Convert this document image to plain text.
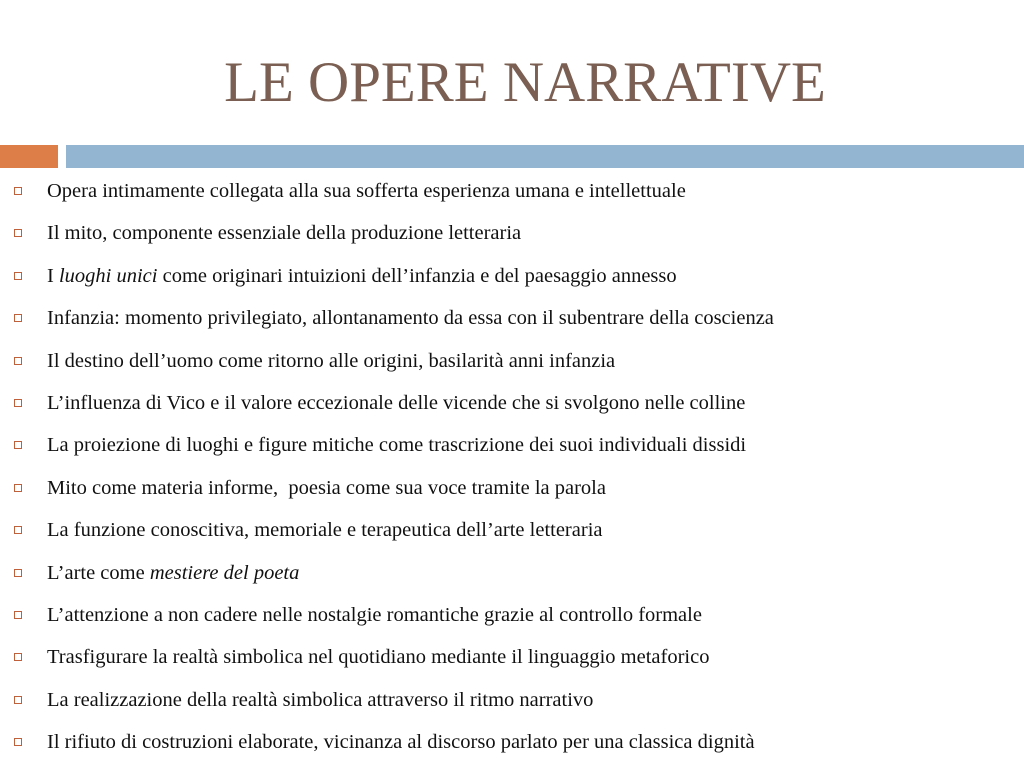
LE OPERE NARRATIVE
Opera intimamente collegata alla sua sofferta esperienza umana e intellettuale
Il mito, componente essenziale della produzione letteraria
I luoghi unici come originari intuizioni dell’infanzia e del paesaggio annesso
Infanzia: momento privilegiato, allontanamento da essa con il subentrare della coscienza
Il destino dell’uomo come ritorno alle origini, basilarità anni infanzia
L’influenza di Vico e il valore eccezionale delle vicende che si svolgono nelle colline
La proiezione di luoghi e figure mitiche come trascrizione dei suoi individuali dissidi
Mito come materia informe,  poesia come sua voce tramite la parola
La funzione conoscitiva, memoriale e terapeutica dell’arte letteraria
L’arte come mestiere del poeta
L’attenzione a non cadere nelle nostalgie romantiche grazie al controllo formale
Trasfigurare la realtà simbolica nel quotidiano mediante il linguaggio metaforico
La realizzazione della realtà simbolica attraverso il ritmo narrativo
Il rifiuto di costruzioni elaborate, vicinanza al discorso parlato per una classica dignità
